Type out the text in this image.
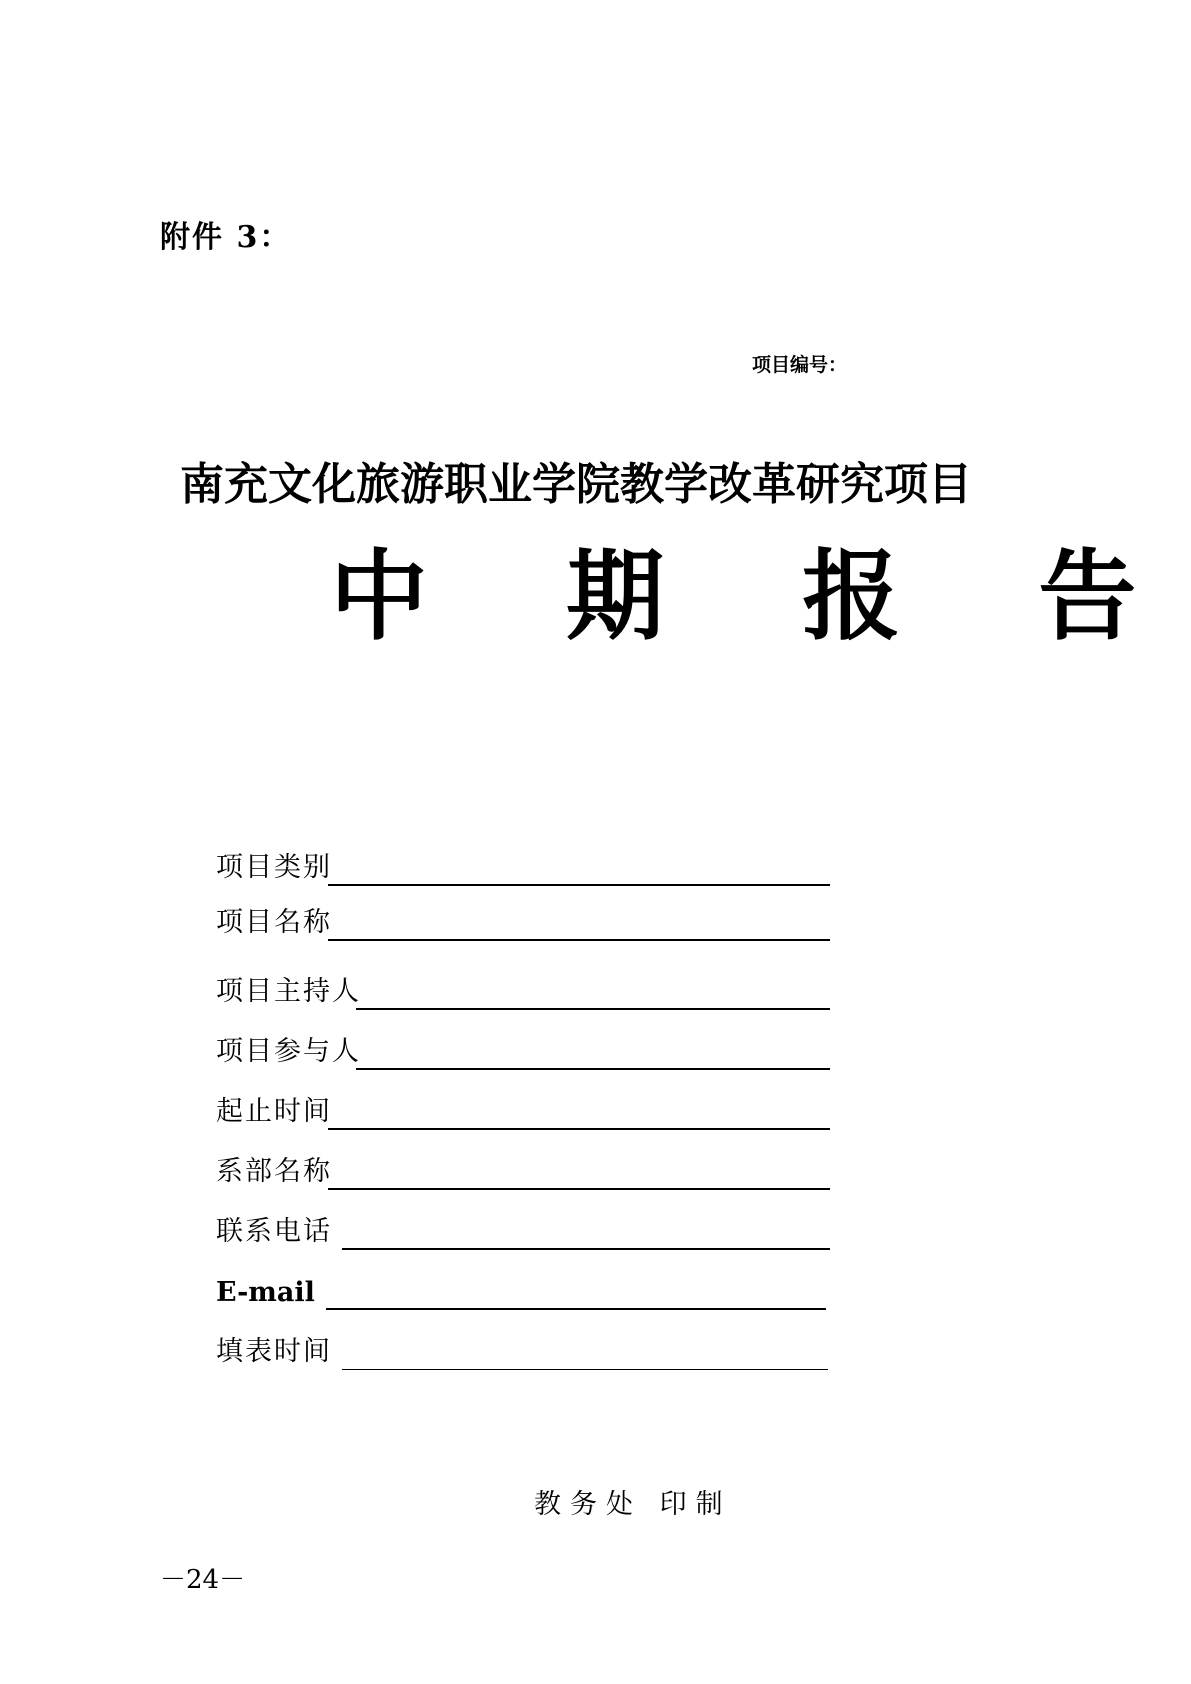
附件 3：
项目编号：
南充文化旅游职业学院教学改革研究项目
中 期 报 告
项目类别
项目名称
项目主持人
项目参与人
起止时间
系部名称
联系电话
E-mail
填表时间
教务处 印制
－24－
